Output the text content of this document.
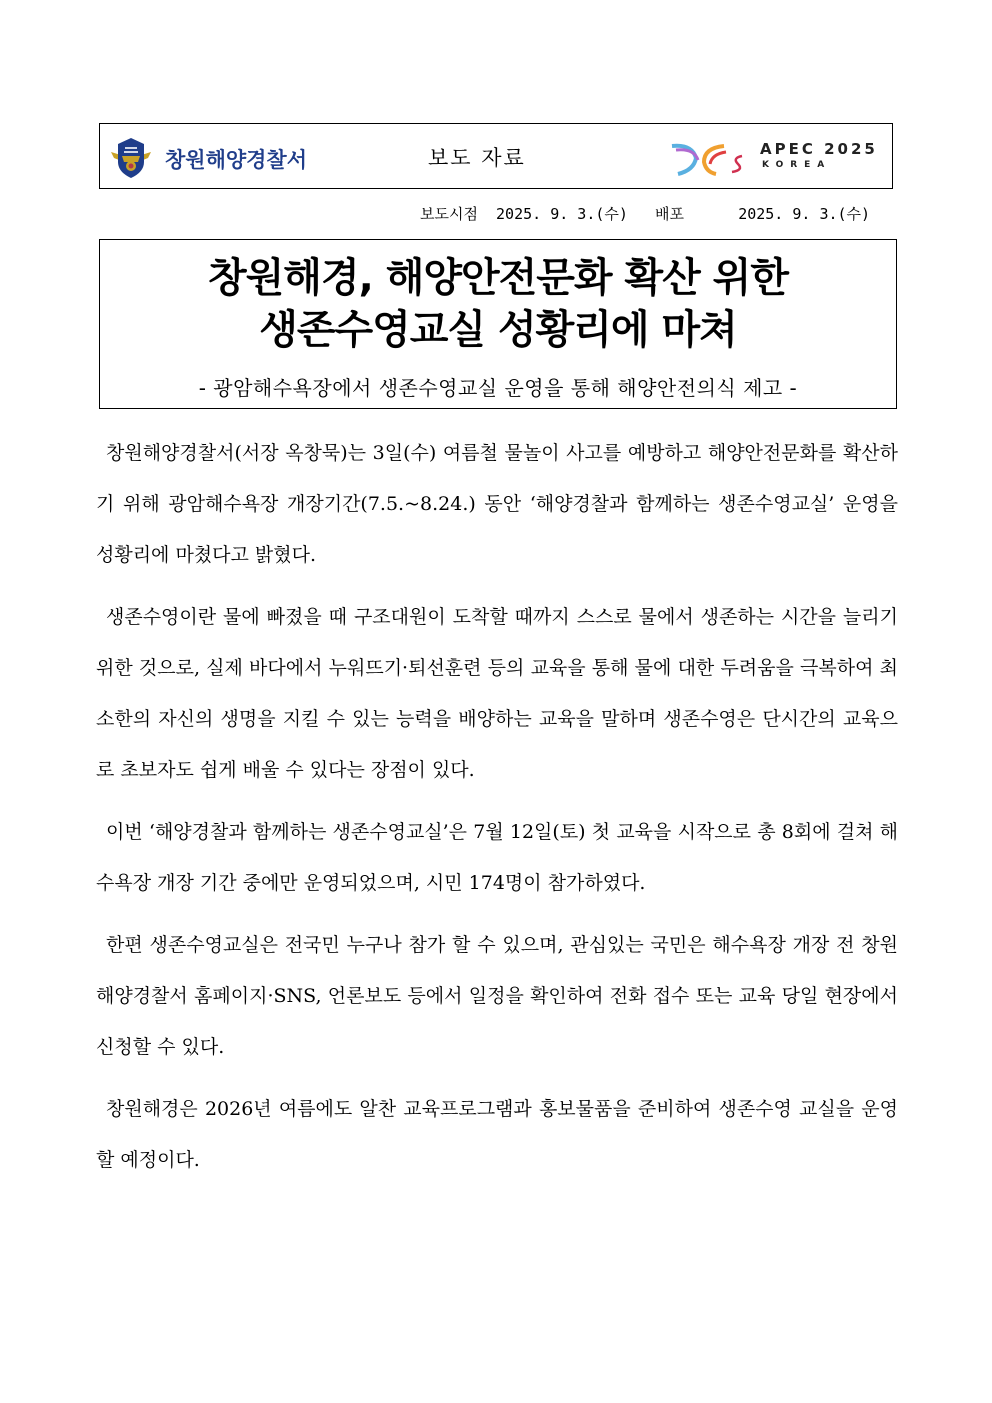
창원해양경찰서	보도 자료	APEC 2025
KOREA
보도시점 2025. 9. 3.(수) 배포	2025. 9. 3.(수)
창원해경, 해양안전문화 확산 위한
생존수영교실 성황리에 마쳐
- 광암해수욕장에서 생존수영교실 운영을 통해 해양안전의식 제고 -

창원해양경찰서(서장 옥창묵)는 3일(수) 여름철 물놀이 사고를 예방하고 해양안전문화를 확산하기 위해 광암해수욕장 개장기간(7.5.~8.24.) 동안 ‘해양경찰과 함께하는 생존수영교실’ 운영을 성황리에 마쳤다고 밝혔다.

생존수영이란 물에 빠졌을 때 구조대원이 도착할 때까지 스스로 물에서 생존하는 시간을 늘리기 위한 것으로, 실제 바다에서 누워뜨기·퇴선훈련 등의 교육을 통해 물에 대한 두려움을 극복하여 최소한의 자신의 생명을 지킬 수 있는 능력을 배양하는 교육을 말하며 생존수영은 단시간의 교육으로 초보자도 쉽게 배울 수 있다는 장점이 있다.

이번 ‘해양경찰과 함께하는 생존수영교실’은 7월 12일(토) 첫 교육을 시작으로 총 8회에 걸쳐 해수욕장 개장 기간 중에만 운영되었으며, 시민 174명이 참가하였다.

한편 생존수영교실은 전국민 누구나 참가 할 수 있으며, 관심있는 국민은 해수욕장 개장 전 창원해양경찰서 홈페이지·SNS, 언론보도 등에서 일정을 확인하여 전화 접수 또는 교육 당일 현장에서 신청할 수 있다.

창원해경은 2026년 여름에도 알찬 교육프로그램과 홍보물품을 준비하여 생존수영 교실을 운영할 예정이다.
